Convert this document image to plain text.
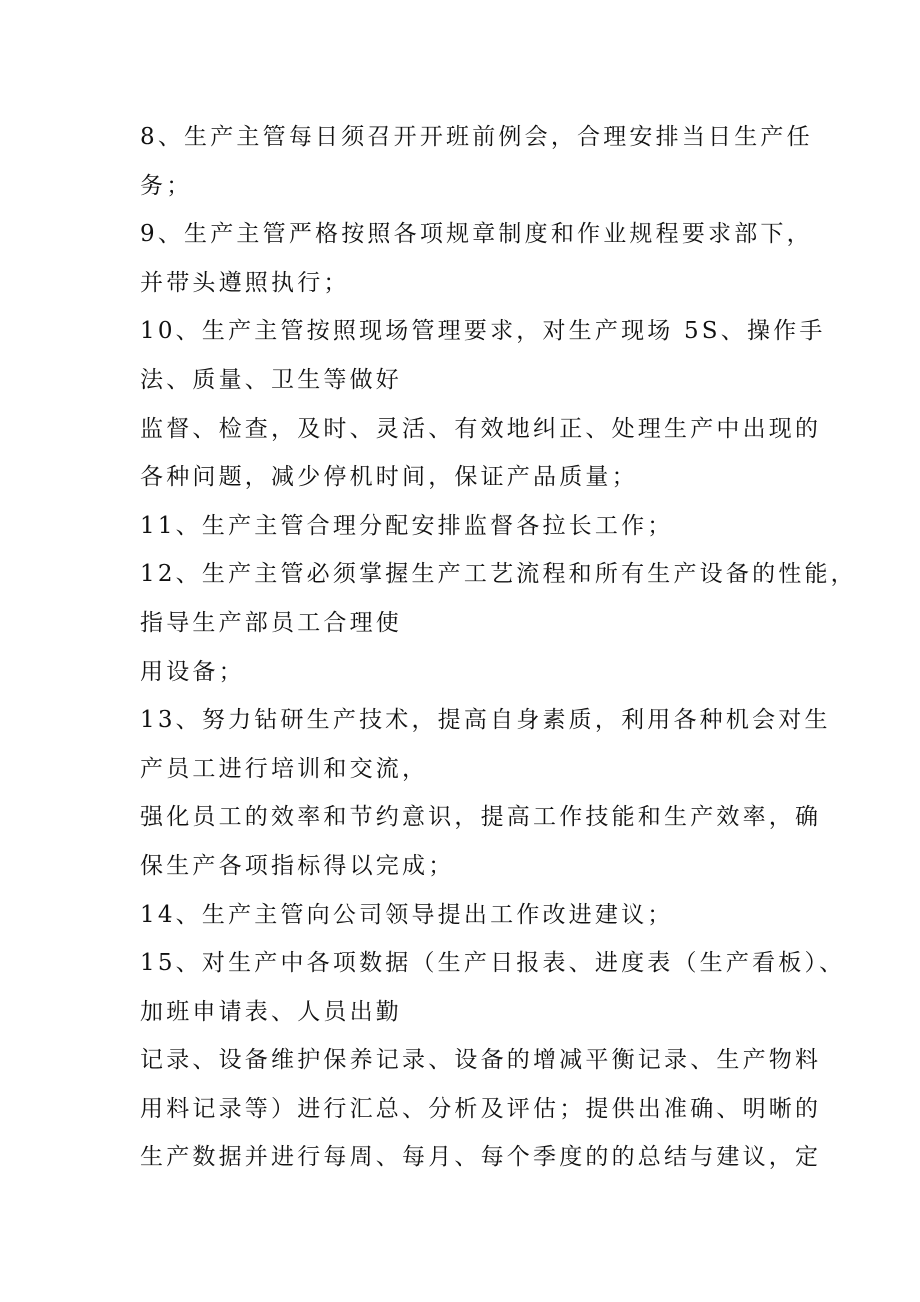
8、生产主管每日须召开开班前例会，合理安排当日生产任
务；
9、生产主管严格按照各项规章制度和作业规程要求部下，
并带头遵照执行；
10、生产主管按照现场管理要求，对生产现场 5S、操作手
法、质量、卫生等做好
监督、检查，及时、灵活、有效地纠正、处理生产中出现的
各种问题，减少停机时间，保证产品质量；
11、生产主管合理分配安排监督各拉长工作；
12、生产主管必须掌握生产工艺流程和所有生产设备的性能，
指导生产部员工合理使
用设备；
13、努力钻研生产技术，提高自身素质，利用各种机会对生
产员工进行培训和交流，
强化员工的效率和节约意识，提高工作技能和生产效率，确
保生产各项指标得以完成；
14、生产主管向公司领导提出工作改进建议；
15、对生产中各项数据（生产日报表、进度表（生产看板）、
加班申请表、人员出勤
记录、设备维护保养记录、设备的增减平衡记录、生产物料
用料记录等）进行汇总、分析及评估；提供出准确、明晰的
生产数据并进行每周、每月、每个季度的的总结与建议，定
